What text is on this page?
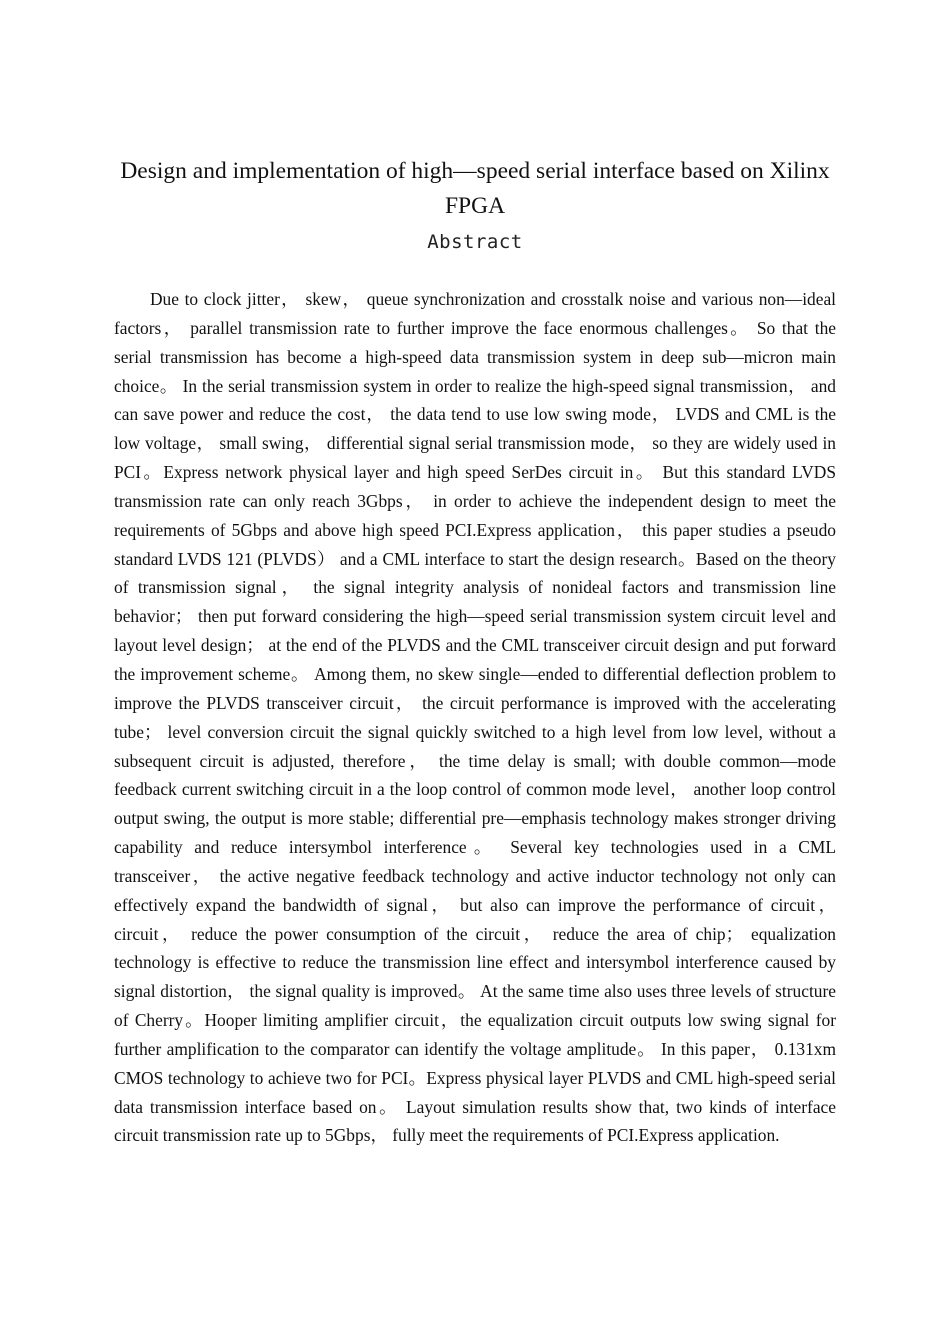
Design and implementation of high—speed serial interface based on Xilinx FPGA
Abstract

Due to clock jitter， skew， queue synchronization and crosstalk noise and various non—ideal factors， parallel transmission rate to further improve the face enormous challenges。 So that the serial transmission has become a high-speed data transmission system in deep sub—micron main choice。 In the serial transmission system in order to realize the high-speed signal transmission， and can save power and reduce the cost， the data tend to use low swing mode， LVDS and CML is the low voltage， small swing， differential signal serial transmission mode， so they are widely used in PCI。Express network physical layer and high speed SerDes circuit in。 But this standard LVDS transmission rate can only reach 3Gbps， in order to achieve the independent design to meet the requirements of 5Gbps and above high speed PCI.Express application， this paper studies a pseudo standard LVDS 121 (PLVDS） and a CML interface to start the design research。Based on the theory of transmission signal， the signal integrity analysis of nonideal factors and transmission line behavior； then put forward considering the high—speed serial transmission system circuit level and layout level design； at the end of the PLVDS and the CML transceiver circuit design and put forward the improvement scheme。 Among them, no skew single—ended to differential deflection problem to improve the PLVDS transceiver circuit， the circuit performance is improved with the accelerating tube； level conversion circuit the signal quickly switched to a high level from low level, without a subsequent circuit is adjusted, therefore， the time delay is small; with double common—mode feedback current switching circuit in a the loop control of common mode level， another loop control output swing, the output is more stable; differential pre—emphasis technology makes stronger driving capability and reduce intersymbol interference。 Several key technologies used in a CML transceiver， the active negative feedback technology and active inductor technology not only can effectively expand the bandwidth of signal， but also can improve the performance of circuit， circuit， reduce the power consumption of the circuit， reduce the area of chip； equalization technology is effective to reduce the transmission line effect and intersymbol interference caused by signal distortion， the signal quality is improved。 At the same time also uses three levels of structure of Cherry。Hooper limiting amplifier circuit，the equalization circuit outputs low swing signal for further amplification to the comparator can identify the voltage amplitude。 In this paper， 0.131xm CMOS technology to achieve two for PCI。Express physical layer PLVDS and CML high-speed serial data transmission interface based on。 Layout simulation results show that, two kinds of interface circuit transmission rate up to 5Gbps， fully meet the requirements of PCI.Express application.
